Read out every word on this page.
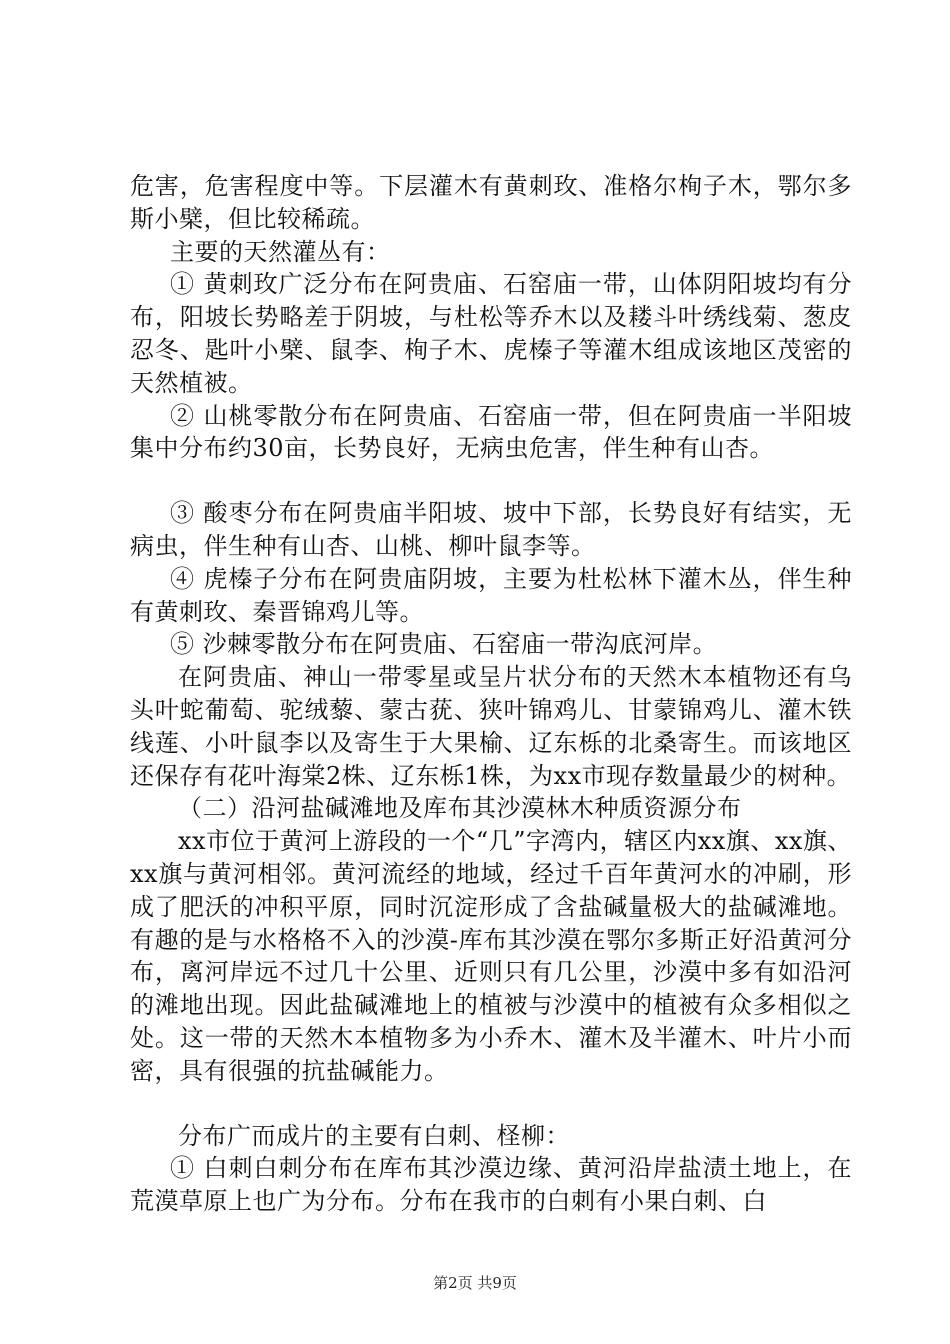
危害，危害程度中等。下层灌木有黄刺玫、准格尔栒子木，鄂尔多斯小檗，但比较稀疏。

主要的天然灌丛有：

① 黄刺玫广泛分布在阿贵庙、石窑庙一带，山体阴阳坡均有分布，阳坡长势略差于阴坡，与杜松等乔木以及耧斗叶绣线菊、葱皮忍冬、匙叶小檗、鼠李、栒子木、虎榛子等灌木组成该地区茂密的天然植被。

② 山桃零散分布在阿贵庙、石窑庙一带，但在阿贵庙一半阳坡集中分布约30亩，长势良好，无病虫危害，伴生种有山杏。

③ 酸枣分布在阿贵庙半阳坡、坡中下部，长势良好有结实，无病虫，伴生种有山杏、山桃、柳叶鼠李等。

④ 虎榛子分布在阿贵庙阴坡，主要为杜松林下灌木丛，伴生种有黄刺玫、秦晋锦鸡儿等。

⑤ 沙棘零散分布在阿贵庙、石窑庙一带沟底河岸。

在阿贵庙、神山一带零星或呈片状分布的天然木本植物还有乌头叶蛇葡萄、驼绒藜、蒙古莸、狭叶锦鸡儿、甘蒙锦鸡儿、灌木铁线莲、小叶鼠李以及寄生于大果榆、辽东栎的北桑寄生。而该地区还保存有花叶海棠2株、辽东栎1株，为xx市现存数量最少的树种。

（二）沿河盐碱滩地及库布其沙漠林木种质资源分布

xx市位于黄河上游段的一个“几”字湾内，辖区内xx旗、xx旗、xx旗与黄河相邻。黄河流经的地域，经过千百年黄河水的冲刷，形成了肥沃的冲积平原，同时沉淀形成了含盐碱量极大的盐碱滩地。有趣的是与水格格不入的沙漠-库布其沙漠在鄂尔多斯正好沿黄河分布，离河岸远不过几十公里、近则只有几公里，沙漠中多有如沿河的滩地出现。因此盐碱滩地上的植被与沙漠中的植被有众多相似之处。这一带的天然木本植物多为小乔木、灌木及半灌木、叶片小而密，具有很强的抗盐碱能力。

分布广而成片的主要有白刺、柽柳：

① 白刺白刺分布在库布其沙漠边缘、黄河沿岸盐渍土地上，在荒漠草原上也广为分布。分布在我市的白刺有小果白刺、白

第2页 共9页
